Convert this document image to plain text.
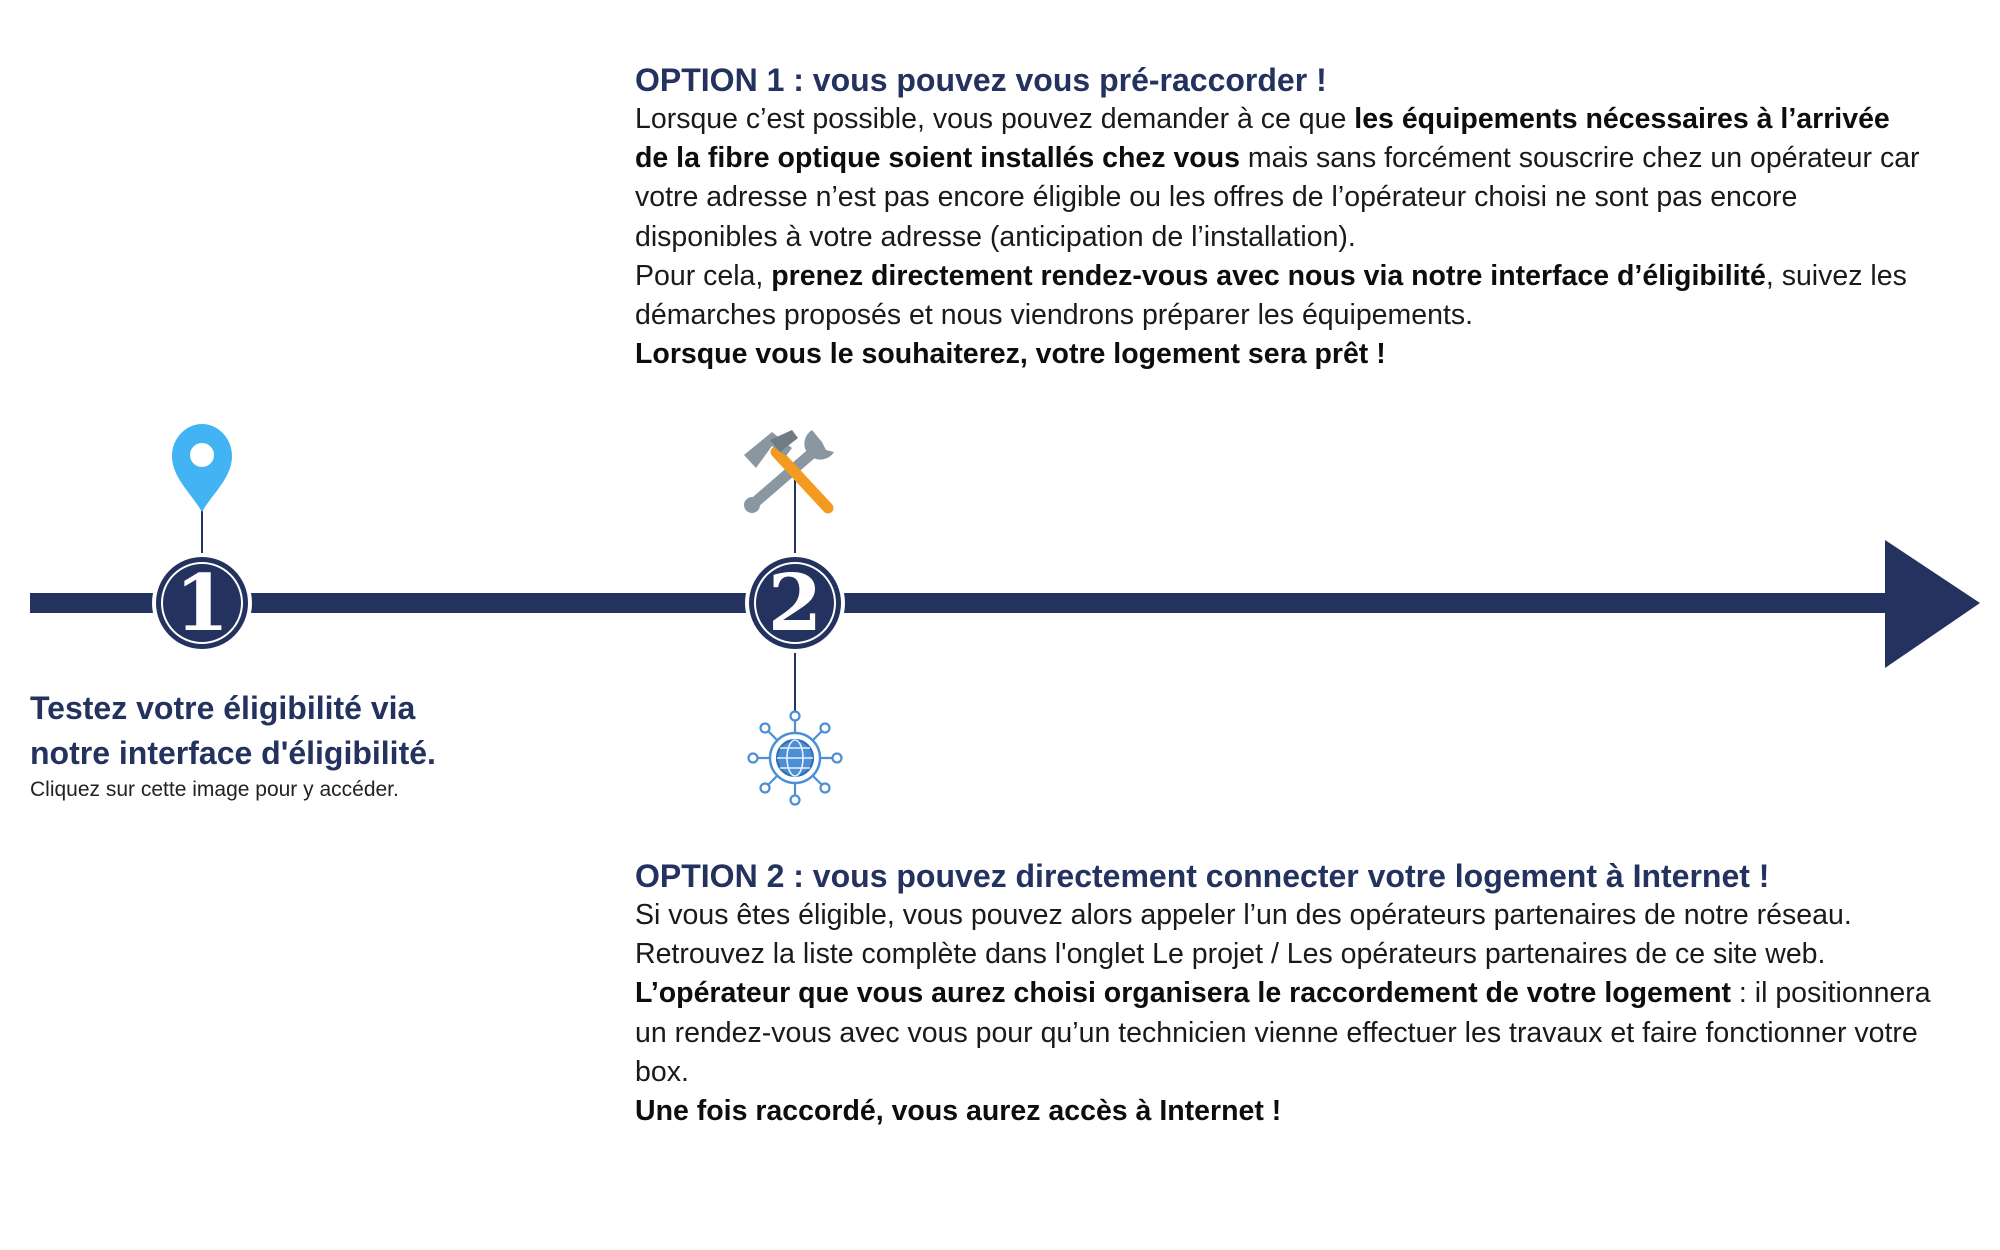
1	2
OPTION 1 : vous pouvez vous pré-raccorder !

Lorsque c’est possible, vous pouvez demander à ce que les équipements nécessaires à l’arrivée de la fibre optique soient installés chez vous mais sans forcément souscrire chez un opérateur car votre adresse n’est pas encore éligible ou les offres de l’opérateur choisi ne sont pas encore disponibles à votre adresse (anticipation de l’installation).

Pour cela, prenez directement rendez-vous avec nous via notre interface d’éligibilité, suivez les démarches proposés et nous viendrons préparer les équipements.

Lorsque vous le souhaiterez, votre logement sera prêt !

Testez votre éligibilité via
notre interface d'éligibilité.
Cliquez sur cette image pour y accéder.
OPTION 2 : vous pouvez directement connecter votre logement à Internet !

Si vous êtes éligible, vous pouvez alors appeler l’un des opérateurs partenaires de notre réseau. Retrouvez la liste complète dans l'onglet Le projet / Les opérateurs partenaires de ce site web.

L’opérateur que vous aurez choisi organisera le raccordement de votre logement : il positionnera un rendez-vous avec vous pour qu’un technicien vienne effectuer les travaux et faire fonctionner votre box.

Une fois raccordé, vous aurez accès à Internet !
